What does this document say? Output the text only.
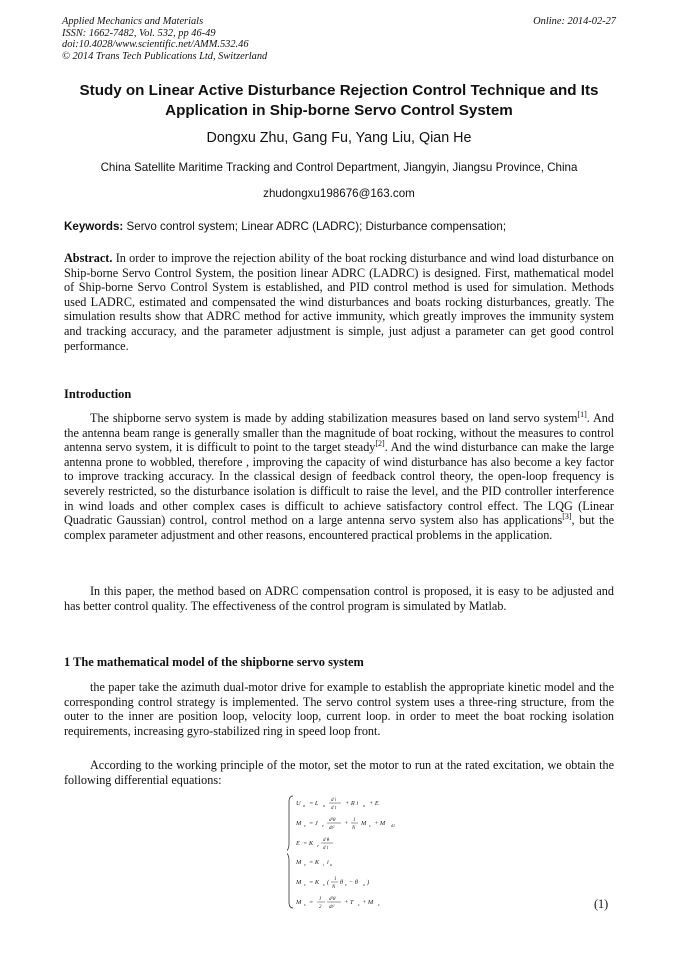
Applied Mechanics and Materials
ISSN: 1662-7482, Vol. 532, pp 46-49
doi:10.4028/www.scientific.net/AMM.532.46
© 2014 Trans Tech Publications Ltd, Switzerland
Online: 2014-02-27
Study on Linear Active Disturbance Rejection Control Technique and Its
Application in Ship-borne Servo Control System
Dongxu Zhu, Gang Fu, Yang Liu, Qian He
China Satellite Maritime Tracking and Control Department, Jiangyin, Jiangsu Province, China
zhudongxu198676@163.com
Keywords: Servo control system; Linear ADRC (LADRC); Disturbance compensation;

Abstract. In order to improve the rejection ability of the boat rocking disturbance and wind load disturbance on Ship-borne Servo Control System, the position linear ADRC (LADRC) is designed. First, mathematical model of Ship-borne Servo Control System is established, and PID control method is used for simulation. Methods used LADRC, estimated and compensated the wind disturbances and boats rocking disturbances, greatly. The simulation results show that ADRC method for active immunity, which greatly improves the immunity system and tracking accuracy, and the parameter adjustment is simple, just adjust a parameter can get good control performance.

Introduction

The shipborne servo system is made by adding stabilization measures based on land servo system[1]. And the antenna beam range is generally smaller than the magnitude of boat rocking, without the measures to control antenna servo system, it is difficult to point to the target steady[2]. And the wind disturbance can make the large antenna prone to wobbled, therefore , improving the capacity of wind disturbance has also become a key factor to improve tracking accuracy. In the classical design of feedback control theory, the open-loop frequency is severely restricted, so the disturbance isolation is difficult to raise the level, and the PID controller interference in wind loads and other complex cases is difficult to achieve satisfactory control effect. The LQG (Linear Quadratic Gaussian) control, control method on a large antenna servo system also has applications[3], but the complex parameter adjustment and other reasons, encountered practical problems in the application.

In this paper, the method based on ADRC compensation control is proposed, it is easy to be adjusted and has better control quality. The effectiveness of the control program is simulated by Matlab.

1 The mathematical model of the shipborne servo system

the paper take the azimuth dual-motor drive for example to establish the appropriate kinetic model and the corresponding control strategy is implemented. The servo control system uses a three-ring structure, from the outer to the inner are position loop, velocity loop, current loop. in order to meet the boat rocking isolation requirements, increasing gyro-stabilized ring in speed loop front.

According to the working principle of the motor, set the motor to run at the rated excitation, we obtain the following differential equations:

U a = L a
d i
d t
+ R i a + E
M e = J e
d²θ
dt²
+ 1
N
M s + M d1
E = K e
d θ
d t
M e = K t i a
M s = K s ( 1
N
θ e − θ o )
M s = J
2
d²θ
dt²
+ T c + M c	(1)
